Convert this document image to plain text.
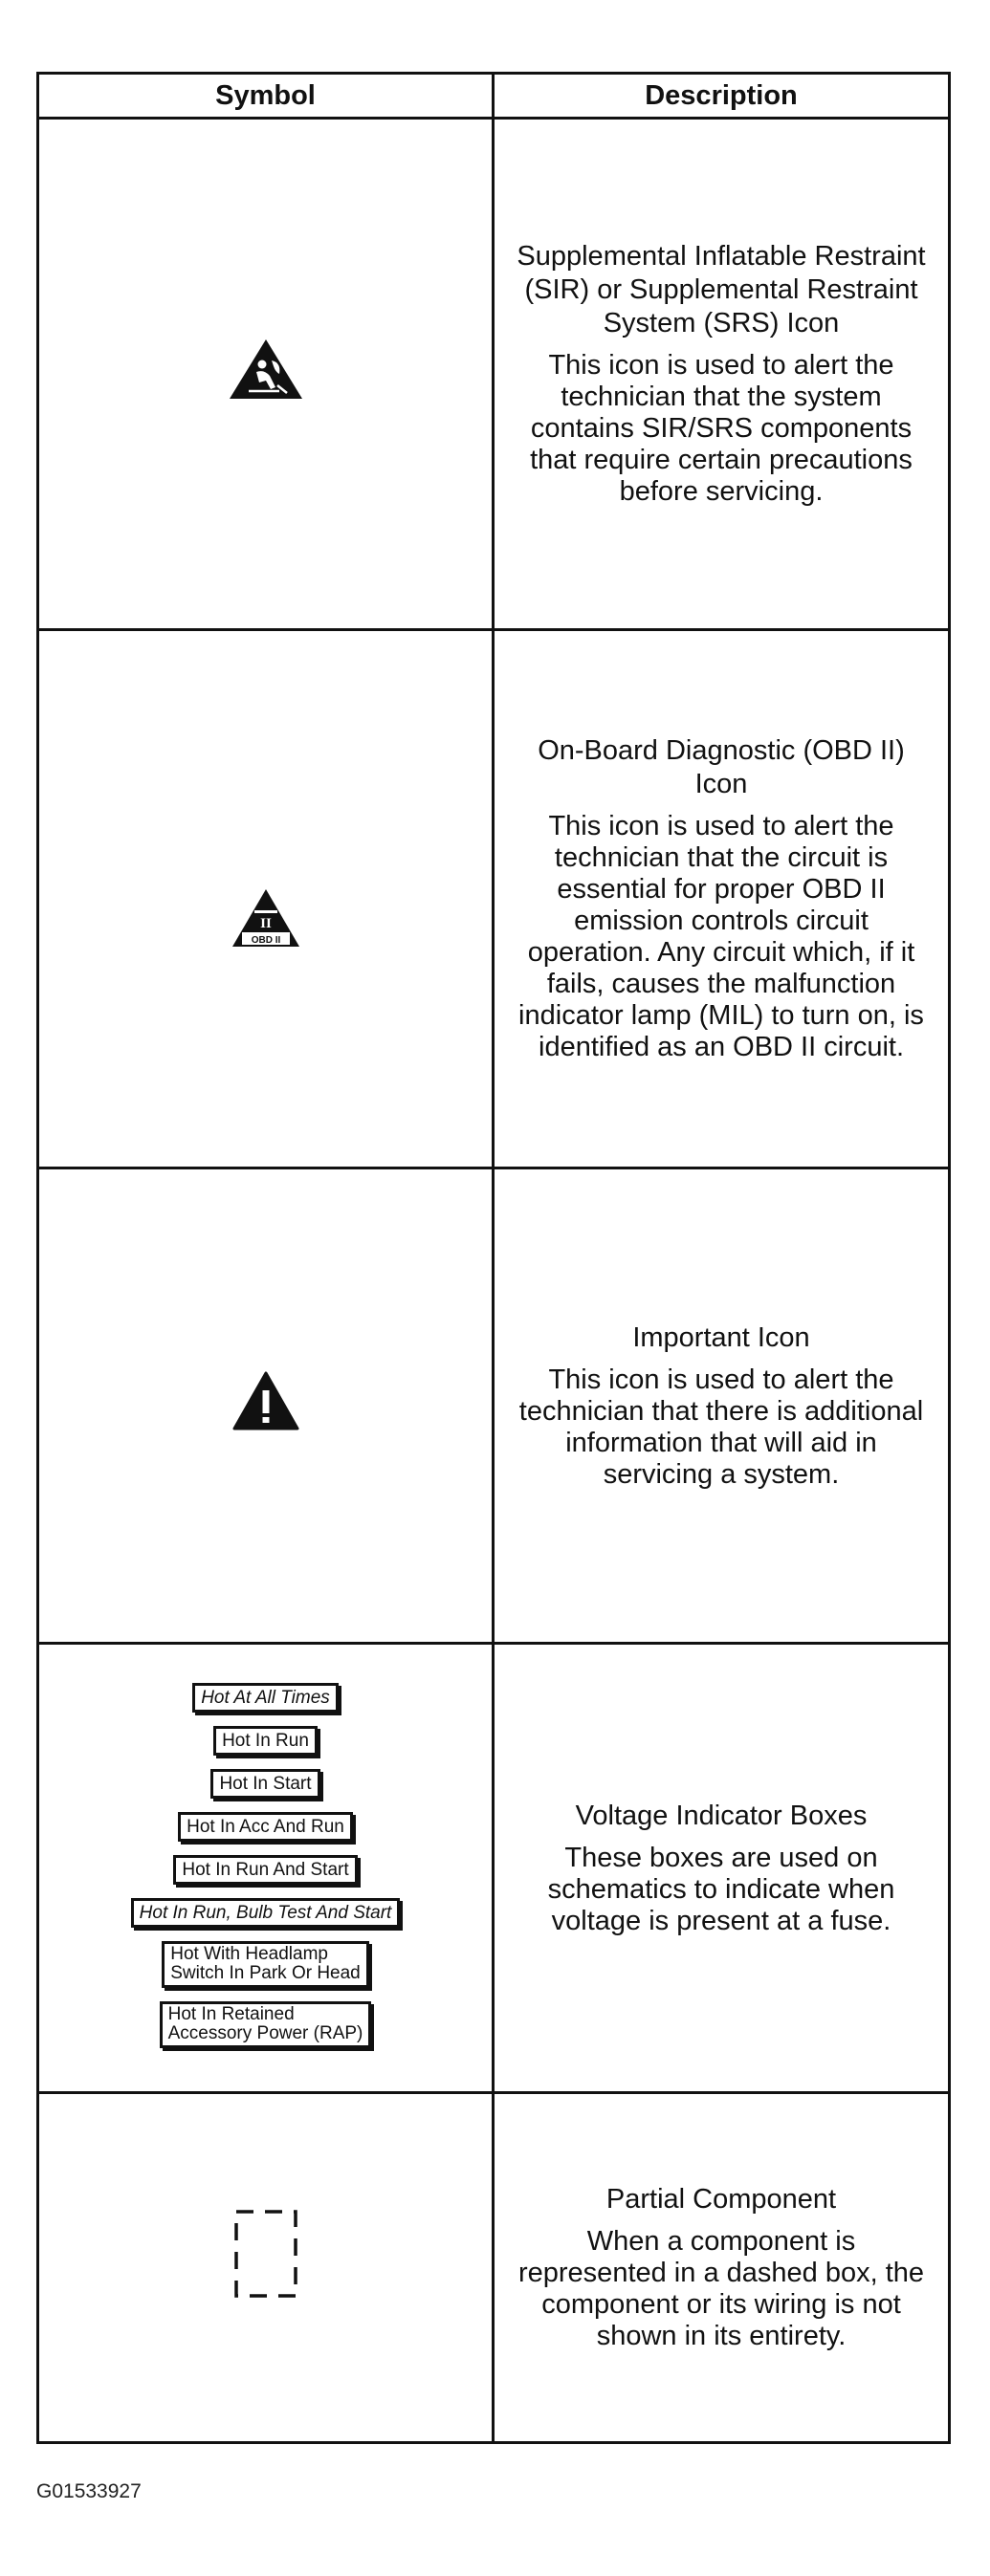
Symbol	Description
Supplemental Inflatable Restraint (SIR) or Supplemental Restraint System (SRS) Icon
This icon is used to alert the technician that the system contains SIR/SRS components that require certain precautions before servicing.
II
OBD II
On-Board Diagnostic (OBD II) Icon
This icon is used to alert the technician that the circuit is essential for proper OBD II emission controls circuit operation. Any circuit which, if it fails, causes the malfunction indicator lamp (MIL) to turn on, is identified as an OBD II circuit.
Important Icon
This icon is used to alert the technician that there is additional information that will aid in servicing a system.
Hot At All Times
Hot In Run
Hot In Start
Hot In Acc And Run
Hot In Run And Start
Hot In Run, Bulb Test And Start
Hot With Headlamp
Switch In Park Or Head
Hot In Retained
Accessory Power (RAP)
Voltage Indicator Boxes
These boxes are used on schematics to indicate when voltage is present at a fuse.
Partial Component
When a component is represented in a dashed box, the component or its wiring is not shown in its entirety.
G01533927
